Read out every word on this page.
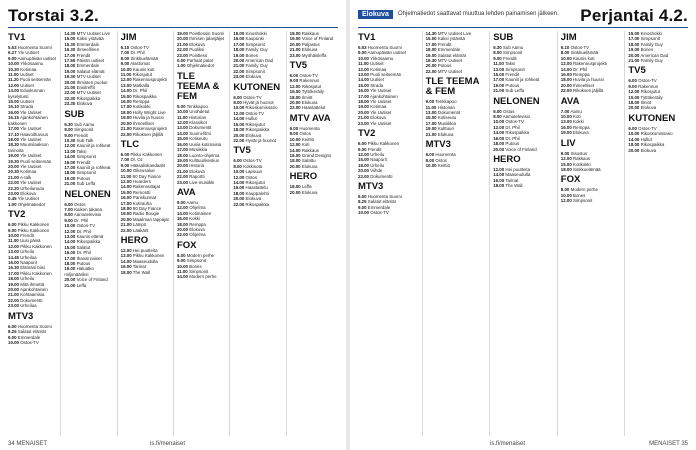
Torstai 3.2.
TV1
5.53 Huomenta Suomi
6.27 Yle Uutiset
9.00 Aamupäivän uutiset
10.00 Ykkösaamu
10.30 Kotimaa
11.00 Uutiset
11.20 Puoli seitsemän
12.00 Uutiset
13.00 Eduskunnan kyselytunti
15.00 Uutiset
15.10 Strada
16.00 Yle Uutiset
16.15 Ajankohtainen kakkonen
17.00 Yle Uutiset
17.10 Haavoittuvuus
18.00 Yle Uutiset
18.30 Muumilaakson tarinoita
19.00 Yle Uutiset
19.30 Puoli seitsemän
20.00 Yle Uutiset
20.30 Kotimaa
21.00 A-talk
22.00 Yle Uutiset
22.20 Urheiluruutu
23.00 Elokuva
0.45 Yle Uutiset
1.00 Ohjelmatiedot
TV2
6.00 Pikku Kakkonen
9.00 Pikku Kakkonen
10.00 Frendit
11.00 Uusi päivä
12.00 Pikku Kakkonen
13.00 Urheilu
14.45 Urheilua
16.00 Naapurit
16.30 Elämäni biisi
17.00 Pikku Kakkonen
18.00 Urheilu
19.00 Mitä ihmettä
20.00 Ajankohtainen
21.00 Kohtaamisia
22.00 Dokumentti
23.00 Urheilua
MTV3
6.00 Huomenta Suomi
8.25 Salatut elämät
9.00 Emmerdale
10.00 Ostos-TV
14.30 MTV Uutiset Live
15.00 Kaksi ystävää
15.30 Emmerdale
16.30 Ihmeellinen
17.00 Frendit
17.55 Päivän uutiset
18.00 Emmerdale
19.00 Salatut elämät
19.30 MTV Uutiset
20.00 Ihmisten puolue
21.00 Ensitreffit
22.00 MTV Uutiset
22.30 Rikospaikka
23.30 Elokuva
SUB
6.30 Sub Aamu
8.00 Simpsonit
9.00 Frendit
10.30 Sub Talk
12.00 Kauniit ja rohkeat
13.00 Taksi
14.00 Simpsonit
16.00 Frendit
17.00 Kauniit ja rohkeat
18.00 Simpsonit
19.00 Putous
21.00 Sub Leffa
NELONEN
6.00 Ostos
7.00 Kaiken takana
8.00 Aamutelevisio
9.00 Dr. Phil
10.00 Ostos-TV
12.00 Dr. Phil
13.00 Kaunis elämä
14.00 Rikospaikka
15.00 Salatut
16.00 Dr. Phil
17.00 Ihanat naiset
18.00 Putous
19.00 Haluatko miljonääriksi
20.00 Voice of Finland
21.00 Leffa
JIM
6.10 Ostos-TV
7.00 Dr. Phil
8.00 Sinkkuelämää
9.00 Alastomat
10.00 Kaunis koti
11.00 Rikosjutut
12.00 Rakennusprojekti
13.00 Matkalla
14.00 Dr. Phil
15.00 Rikospaikka
16.00 Remppa
17.00 Kotikokki
18.00 Holly Wright Live
19.00 Huvila ja huussi
20.00 Ihmeelliset
21.00 Rakennusprojekti
22.00 Rikoksen jäljillä
TLC
6.00 Pikku Kakkonen
7.00 Dr. Oz
9.00 Hääsaliskandaalit
10.00 Oikeusalue
11.00 90 Day Fiance
12.00 Hoarders
14.00 Rakennuttajat
15.00 Remontti
16.00 Pariskunnat
17.00 Kotirauha
18.00 90 Day Fiance
19.00 Radio Bougie
20.00 Maailman tappajat
21.00 Lämpö
22.00 Lääkärit
HERO
12.00 Hei puutteita
13.00 Pikku Kakkonen
14.00 Maaseudulla
16.00 Tarinat
18.00 The Wall
19.00 Pointlessin Suomi
20.00 Ihmisen jalanjäljet
21.00 Elokuva
22.00 Puoliksi
23.00 Pointless
0.00 Parhaat palat
1.00 Ohjelmatiedot
TLE TEEMA & FEM
9.00 Tenkkapoo
10.00 Unohdetut
11.00 Historian
12.00 Klassikot
13.00 Dokumentit
14.00 Suomi-filmi
15.00 Kotiseutu
16.00 Uusia kotimaisia
17.00 Musiikkia
18.00 Luonto-ohjelma
19.00 Kulttuurikeskus
20.00 Historia
21.00 Elokuva
22.00 Raportti
23.00 Live-musiikki
AVA
9.00 Aamu
12.00 Ohjelma
14.00 Kotimainen
16.00 Kokki
18.00 Remppa
20.00 Elokuva
22.00 Ohjelma
FOX
8.00 Modern perhe
9.00 Simpsonit
10.00 Bones
11.00 Simpsonit
14.00 Modern perhe
15.00 Kinoshokki
16.00 Kaupunki
17.00 Simpsonit
18.00 Family Guy
19.00 Bones
20.00 American Dad
21.00 Family Guy
22.00 Simpsonit
23.00 Elokuva
KUTONEN
6.00 Ostos-TV
8.00 Hyvät ja huonot
10.00 Rikoskomissario
12.00 Ostos-TV
14.00 Hullut
16.00 Rikosjutut
18.00 Rikospaikka
20.00 Elokuva
22.00 Hyvät ja huonot
TV5
6.00 Ostos-TV
8.00 Kokkisota
10.00 Lapsuus
12.00 Ostos
14.00 Rikosjutut
16.00 Haastattelu
18.00 Kauppalehti
20.00 Elokuva
22.00 Rikospaikka
18.00 Rakkaus
19.00 Voice of Finland
20.00 Paljastus
21.00 Elokuva
23.00 Myöhäisleffa
TV5
6.00 Ostos-TV
9.00 Rakennus
12.00 Rikosjutut
15.00 Tyttökeräily
18.00 Ilmiöt
20.00 Elokuva
22.00 Haastattelut
MTV AVA
6.00 Huomenta
8.00 Ostos
10.00 Keittiö
12.00 Koti
14.00 Rakkaus
16.00 Grand Designs
18.00 Salattu
20.00 Elokuva
HERO
18.00 Leffa
20.00 Elokuva
34 MENAISET	is.fi/menaiset
Elokuva	Ohjelmatiedot saattavat muuttua lehden painamisen jälkeen. Perjantai 4.2.
TV1
5.53 Huomenta Suomi
9.00 Aamupäivän uutiset
10.00 Ykkösaamu
11.00 Uutiset
12.00 Kotimaa
13.00 Puoli seitsemän
14.00 Uutiset
15.00 Strada
16.00 Yle Uutiset
17.00 Ajankohtainen
18.00 Yle Uutiset
19.00 Kotimaa
20.00 Yle Uutiset
21.00 Elokuva
23.00 Yle Uutiset
TV2
6.00 Pikku Kakkonen
9.00 Frendit
12.00 Urheilu
15.00 Naapurit
18.00 Urheilu
20.00 Viihde
22.00 Dokumentti
MTV3
6.00 Huomenta Suomi
8.25 Salatut elämät
9.00 Emmerdale
10.00 Ostos-TV
14.30 MTV Uutiset Live
15.00 Kaksi ystävää
17.00 Frendit
18.00 Emmerdale
19.00 Salatut elämät
19.30 MTV Uutiset
20.00 Putous
22.00 MTV Uutiset
TLE TEEMA & FEM
9.00 Tenkkapoo
11.00 Historian
13.00 Dokumentit
15.00 Kotiseutu
17.00 Musiikkia
19.00 Kulttuuri
21.00 Elokuva
MTV3
6.00 Huomenta
8.00 Ostos
10.00 Keittiö
SUB
6.30 Sub Aamu
8.00 Simpsonit
9.00 Frendit
11.00 Taksi
13.00 Simpsonit
15.00 Frendit
17.00 Kauniit ja rohkeat
19.00 Putous
21.00 Sub Leffa
NELONEN
6.00 Ostos
8.00 Aamutelevisio
10.00 Ostos-TV
12.00 Dr. Phil
14.00 Rikospaikka
16.00 Dr. Phil
18.00 Putous
20.00 Voice of Finland
HERO
12.00 Hei puutteita
14.00 Maaseudulla
16.00 Tarinat
18.00 The Wall
JIM
6.10 Ostos-TV
8.00 Sinkkuelämää
10.00 Kaunis koti
12.00 Rakennusprojekti
14.00 Dr. Phil
16.00 Remppa
18.00 Huvila ja huussi
20.00 Ihmeelliset
22.00 Rikoksen jäljillä
AVA
7.00 Aamu
10.00 Koti
13.00 Kokki
16.00 Remppa
19.00 Elokuva
LIV
9.00 Sisustus
12.00 Rakkaus
15.00 Kotikokki
18.00 Sinkkuelämää
FOX
8.00 Modern perhe
10.00 Bones
12.00 Simpsonit
15.00 Kinoshokki
17.00 Simpsonit
18.00 Family Guy
19.00 Bones
20.00 American Dad
21.00 Family Guy
TV5
6.00 Ostos-TV
9.00 Rakennus
12.00 Rikosjutut
15.00 Tyttökeräily
18.00 Ilmiöt
20.00 Elokuva
KUTONEN
6.00 Ostos-TV
10.00 Rikoskomissario
14.00 Hullut
18.00 Rikospaikka
20.00 Elokuva
is.fi/menaiset	MENAISET 35
